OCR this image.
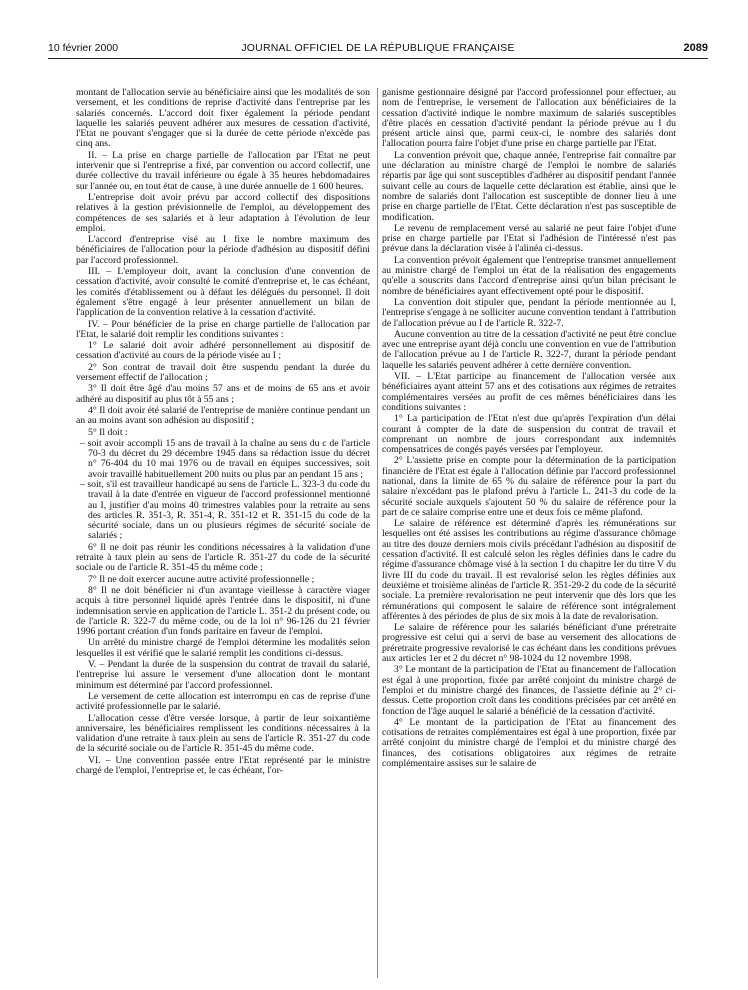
10 février 2000	JOURNAL OFFICIEL DE LA RÉPUBLIQUE FRANÇAISE	2089

montant de l'allocation servie au bénéficiaire ainsi que les modalités de son versement, et les conditions de reprise d'activité dans l'entreprise par les salariés concernés. L'accord doit fixer également la période pendant laquelle les salariés peuvent adhérer aux mesures de cessation d'activité, l'Etat ne pouvant s'engager que si la durée de cette période n'excède pas cinq ans.

II. – La prise en charge partielle de l'allocation par l'Etat ne peut intervenir que si l'entreprise a fixé, par convention ou accord collectif, une durée collective du travail inférieure ou égale à 35 heures hebdomadaires sur l'année ou, en tout état de cause, à une durée annuelle de 1 600 heures.

L'entreprise doit avoir prévu par accord collectif des dispositions relatives à la gestion prévisionnelle de l'emploi, au développement des compétences de ses salariés et à leur adaptation à l'évolution de leur emploi.

L'accord d'entreprise visé au I fixe le nombre maximum des bénéficiaires de l'allocation pour la période d'adhésion au dispositif défini par l'accord professionnel.

III. – L'employeur doit, avant la conclusion d'une convention de cessation d'activité, avoir consulté le comité d'entreprise et, le cas échéant, les comités d'établissement ou à défaut les délégués du personnel. Il doit également s'être engagé à leur présenter annuellement un bilan de l'application de la convention relative à la cessation d'activité.

IV. – Pour bénéficier de la prise en charge partielle de l'allocation par l'Etat, le salarié doit remplir les conditions suivantes :

1° Le salarié doit avoir adhéré personnellement au dispositif de cessation d'activité au cours de la période visée au I ;

2° Son contrat de travail doit être suspendu pendant la durée du versement effectif de l'allocation ;

3° Il doit être âgé d'au moins 57 ans et de moins de 65 ans et avoir adhéré au dispositif au plus tôt à 55 ans ;

4° Il doit avoir été salarié de l'entreprise de manière continue pendant un an au moins avant son adhésion au dispositif ;

5° Il doit :

– soit avoir accompli 15 ans de travail à la chaîne au sens du c de l'article 70-3 du décret du 29 décembre 1945 dans sa rédaction issue du décret n° 76-404 du 10 mai 1976 ou de travail en équipes successives, soit avoir travaillé habituellement 200 nuits ou plus par an pendant 15 ans ;
– soit, s'il est travailleur handicapé au sens de l'article L. 323-3 du code du travail à la date d'entrée en vigueur de l'accord professionnel mentionné au I, justifier d'au moins 40 trimestres valables pour la retraite au sens des articles R. 351-3, R. 351-4, R. 351-12 et R. 351-15 du code de la sécurité sociale, dans un ou plusieurs régimes de sécurité sociale de salariés ;

6° Il ne doit pas réunir les conditions nécessaires à la validation d'une retraite à taux plein au sens de l'article R. 351-27 du code de la sécurité sociale ou de l'article R. 351-45 du même code ;

7° Il ne doit exercer aucune autre activité professionnelle ;

8° Il ne doit bénéficier ni d'un avantage vieillesse à caractère viager acquis à titre personnel liquidé après l'entrée dans le dispositif, ni d'une indemnisation servie en application de l'article L. 351-2 du présent code, ou de l'article R. 322-7 du même code, ou de la loi n° 96-126 du 21 février 1996 portant création d'un fonds paritaire en faveur de l'emploi.

Un arrêté du ministre chargé de l'emploi détermine les modalités selon lesquelles il est vérifié que le salarié remplit les conditions ci-dessus.

V. – Pendant la durée de la suspension du contrat de travail du salarié, l'entreprise lui assure le versement d'une allocation dont le montant minimum est déterminé par l'accord professionnel.

Le versement de cette allocation est interrompu en cas de reprise d'une activité professionnelle par le salarié.

L'allocation cesse d'être versée lorsque, à partir de leur soixantième anniversaire, les bénéficiaires remplissent les conditions nécessaires à la validation d'une retraite à taux plein au sens de l'article R. 351-27 du code de la sécurité sociale ou de l'article R. 351-45 du même code.

VI. – Une convention passée entre l'Etat représenté par le ministre chargé de l'emploi, l'entreprise et, le cas échéant, l'or-

ganisme gestionnaire désigné par l'accord professionnel pour effectuer, au nom de l'entreprise, le versement de l'allocation aux bénéficiaires de la cessation d'activité indique le nombre maximum de salariés susceptibles d'être placés en cessation d'activité pendant la période prévue au I du présent article ainsi que, parmi ceux-ci, le nombre des salariés dont l'allocation pourra faire l'objet d'une prise en charge partielle par l'Etat.

La convention prévoit que, chaque année, l'entreprise fait connaître par une déclaration au ministre chargé de l'emploi le nombre de salariés répartis par âge qui sont susceptibles d'adhérer au dispositif pendant l'année suivant celle au cours de laquelle cette déclaration est établie, ainsi que le nombre de salariés dont l'allocation est susceptible de donner lieu à une prise en charge partielle de l'Etat. Cette déclaration n'est pas susceptible de modification.

Le revenu de remplacement versé au salarié ne peut faire l'objet d'une prise en charge partielle par l'Etat si l'adhésion de l'intéressé n'est pas prévue dans la déclaration visée à l'alinéa ci-dessus.

La convention prévoit également que l'entreprise transmet annuellement au ministre chargé de l'emploi un état de la réalisation des engagements qu'elle a souscrits dans l'accord d'entreprise ainsi qu'un bilan précisant le nombre de bénéficiaires ayant effectivement opté pour le dispositif.

La convention doit stipuler que, pendant la période mentionnée au I, l'entreprise s'engage à ne solliciter aucune convention tendant à l'attribution de l'allocation prévue au I de l'article R. 322-7.

Aucune convention au titre de la cessation d'activité ne peut être conclue avec une entreprise ayant déjà conclu une convention en vue de l'attribution de l'allocation prévue au I de l'article R. 322-7, durant la période pendant laquelle les salariés peuvent adhérer à cette dernière convention.

VII. – L'Etat participe au financement de l'allocation versée aux bénéficiaires ayant atteint 57 ans et des cotisations aux régimes de retraites complémentaires versées au profit de ces mêmes bénéficiaires dans les conditions suivantes :

1° La participation de l'Etat n'est due qu'après l'expiration d'un délai courant à compter de la date de suspension du contrat de travail et comprenant un nombre de jours correspondant aux indemnités compensatrices de congés payés versées par l'employeur.

2° L'assiette prise en compte pour la détermination de la participation financière de l'Etat est égale à l'allocation définie par l'accord professionnel national, dans la limite de 65 % du salaire de référence pour la part du salaire n'excédant pas le plafond prévu à l'article L. 241-3 du code de la sécurité sociale auxquels s'ajoutent 50 % du salaire de référence pour la part de ce salaire comprise entre une et deux fois ce même plafond.

Le salaire de référence est déterminé d'après les rémunérations sur lesquelles ont été assises les contributions au régime d'assurance chômage au titre des douze derniers mois civils précédant l'adhésion au dispositif de cessation d'activité. Il est calculé selon les règles définies dans le cadre du régime d'assurance chômage visé à la section 1 du chapitre Ier du titre V du livre III du code du travail. Il est revalorisé selon les règles définies aux deuxième et troisième alinéas de l'article R. 351-29-2 du code de la sécurité sociale. La première revalorisation ne peut intervenir que dès lors que les rémunérations qui composent le salaire de référence sont intégralement afférentes à des périodes de plus de six mois à la date de revalorisation.

Le salaire de référence pour les salariés bénéficiant d'une préretraite progressive est celui qui a servi de base au versement des allocations de préretraite progressive revalorisé le cas échéant dans les conditions prévues aux articles 1er et 2 du décret n° 98-1024 du 12 novembre 1998.

3° Le montant de la participation de l'Etat au financement de l'allocation est égal à une proportion, fixée par arrêté conjoint du ministre chargé de l'emploi et du ministre chargé des finances, de l'assiette définie au 2° ci-dessus. Cette proportion croît dans les conditions précisées par cet arrêté en fonction de l'âge auquel le salarié a bénéficié de la cessation d'activité.

4° Le montant de la participation de l'Etat au financement des cotisations de retraites complémentaires est égal à une proportion, fixée par arrêté conjoint du ministre chargé de l'emploi et du ministre chargé des finances, des cotisations obligatoires aux régimes de retraite complémentaire assises sur le salaire de
